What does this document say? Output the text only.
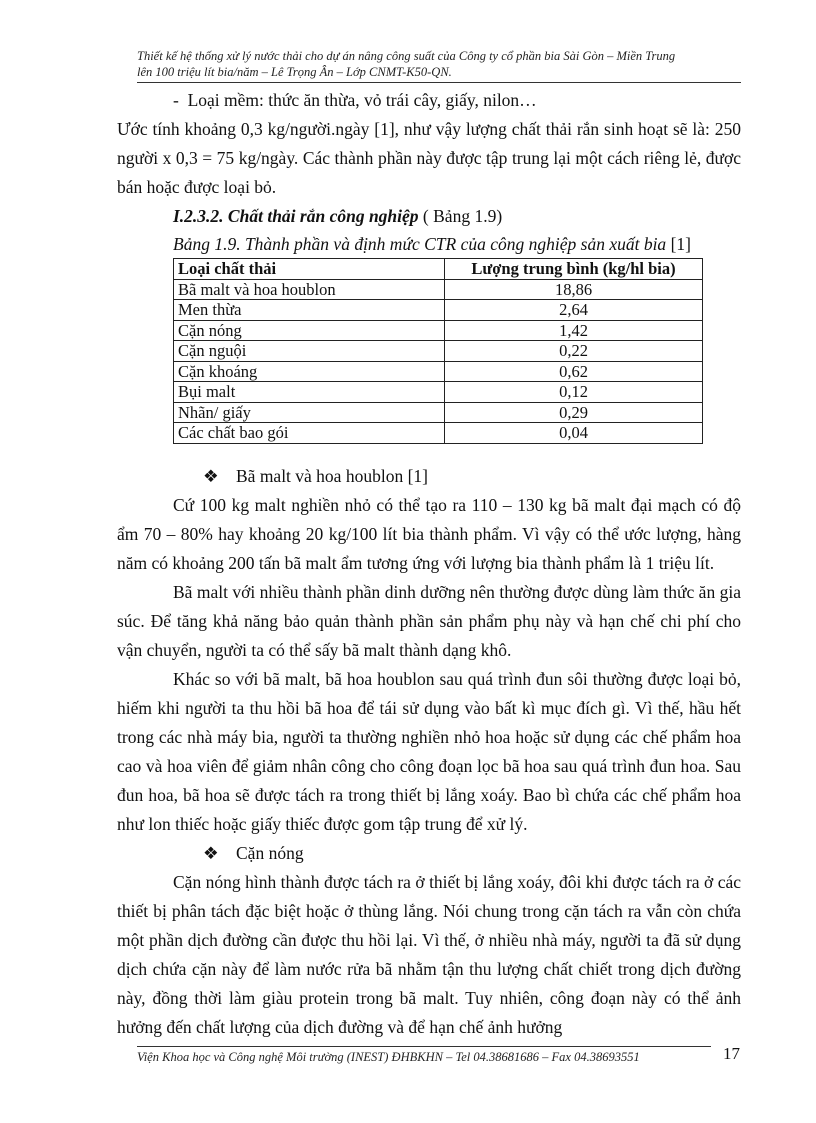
Thiết kế hệ thống xử lý nước thải cho dự án nâng công suất của Công ty cổ phần bia Sài Gòn – Miền Trung
lên 100 triệu lít bia/năm – Lê Trọng Ân – Lớp CNMT-K50-QN.

-  Loại mềm: thức ăn thừa, vỏ trái cây, giấy, nilon…

Ước tính khoảng 0,3 kg/người.ngày [1], như vậy lượng chất thải rắn sinh hoạt sẽ là: 250 người x 0,3 = 75 kg/ngày. Các thành phần này được tập trung lại một cách riêng lẻ, được bán hoặc được loại bỏ.

I.2.3.2. Chất thải rắn công nghiệp ( Bảng 1.9)

Bảng 1.9. Thành phần và định mức CTR của công nghiệp sản xuất bia [1]

Loại chất thải	Lượng trung bình (kg/hl bia)
Bã malt và hoa houblon	18,86
Men thừa	2,64
Cặn nóng	1,42
Cặn nguội	0,22
Cặn khoáng	0,62
Bụi malt	0,12
Nhãn/ giấy	0,29
Các chất bao gói	0,04

❖ Bã malt và hoa houblon [1]

Cứ 100 kg malt nghiền nhỏ có thể tạo ra 110 – 130 kg bã malt đại mạch có độ ẩm 70 – 80% hay khoảng 20 kg/100 lít bia thành phẩm. Vì vậy có thể ước lượng, hàng năm có khoảng 200 tấn bã malt ẩm tương ứng với lượng bia thành phẩm là 1 triệu lít.

Bã malt với nhiều thành phần dinh dưỡng nên thường được dùng làm thức ăn gia súc. Để tăng khả năng bảo quản thành phần sản phẩm phụ này và hạn chế chi phí cho vận chuyển, người ta có thể sấy bã malt thành dạng khô.

Khác so với bã malt, bã hoa houblon sau quá trình đun sôi thường được loại bỏ, hiếm khi người ta thu hồi bã hoa để tái sử dụng vào bất kì mục đích gì. Vì thế, hầu hết trong các nhà máy bia, người ta thường nghiền nhỏ hoa hoặc sử dụng các chế phẩm hoa cao và hoa viên để giảm nhân công cho công đoạn lọc bã hoa sau quá trình đun hoa. Sau đun hoa, bã hoa sẽ được tách ra trong thiết bị lắng xoáy. Bao bì chứa các chế phẩm hoa như lon thiếc hoặc giấy thiếc được gom tập trung để xử lý.

❖ Cặn nóng

Cặn nóng hình thành được tách ra ở thiết bị lắng xoáy, đôi khi được tách ra ở các thiết bị phân tách đặc biệt hoặc ở thùng lắng. Nói chung trong cặn tách ra vẫn còn chứa một phần dịch đường cần được thu hồi lại. Vì thế, ở nhiều nhà máy, người ta đã sử dụng dịch chứa cặn này để làm nước rửa bã nhằm tận thu lượng chất chiết trong dịch đường này, đồng thời làm giàu protein trong bã malt. Tuy nhiên, công đoạn này có thể ảnh hưởng đến chất lượng của dịch đường và để hạn chế ảnh hưởng

Viện Khoa học và Công nghệ Môi trường (INEST) ĐHBKHN – Tel 04.38681686 – Fax 04.38693551	17
